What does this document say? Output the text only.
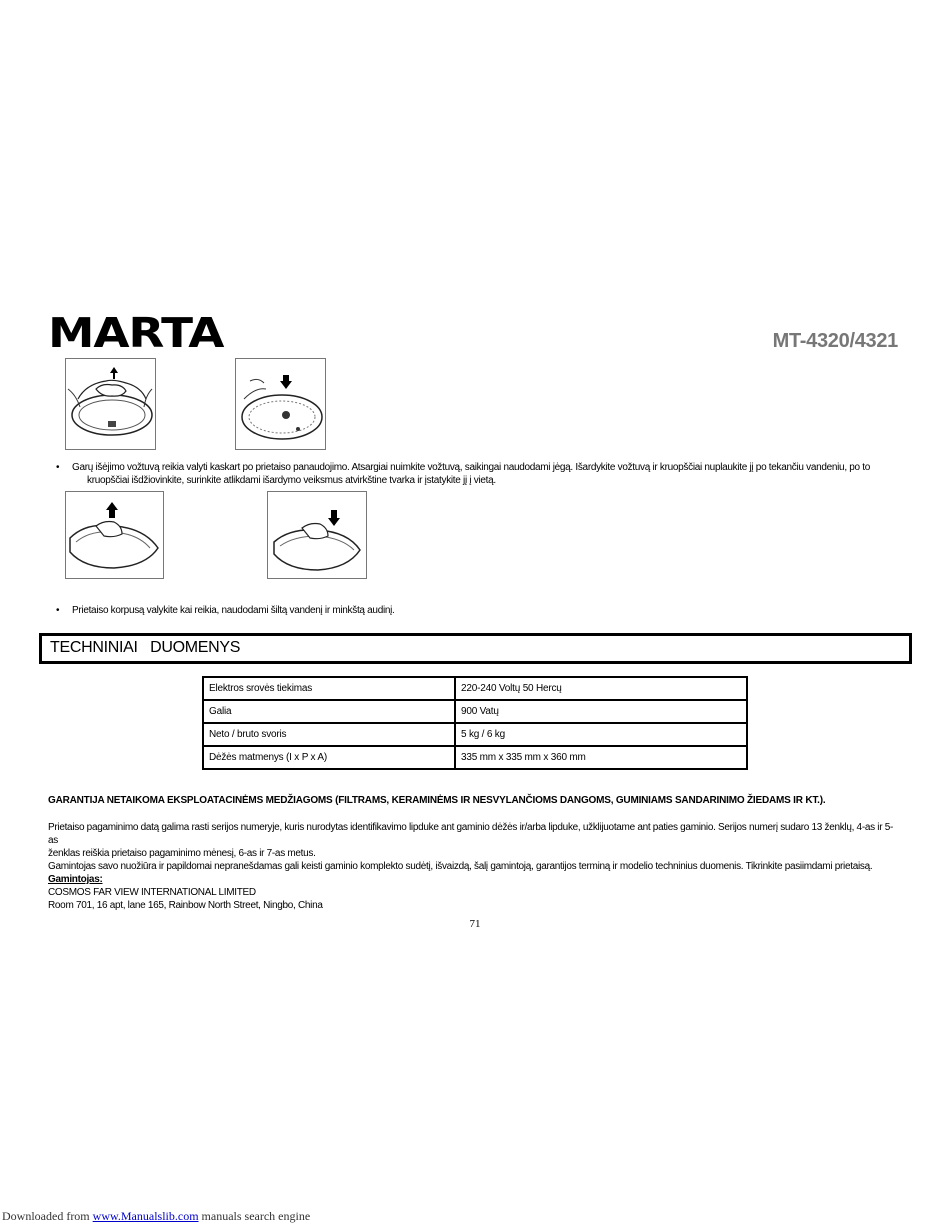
MARTA	MT-4320/4321
• Garų išėjimo vožtuvą reikia valyti kaskart po prietaiso panaudojimo. Atsargiai nuimkite vožtuvą, saikingai naudodami jėgą. Išardykite vožtuvą ir kruopščiai nuplaukite jį po tekančiu vandeniu, po to
kruopščiai išdžiovinkite, surinkite atlikdami išardymo veiksmus atvirkštine tvarka ir įstatykite jį į vietą.
• Prietaiso korpusą valykite kai reikia, naudodami šiltą vandenį ir minkštą audinį.
TECHNINIAI   DUOMENYS
Elektros srovės tiekimas	220-240 Voltų 50 Hercų
Galia	900 Vatų
Neto / bruto svoris	5 kg / 6 kg
Dėžės matmenys (I x P x A)	335 mm x 335 mm x 360 mm
GARANTIJA NETAIKOMA EKSPLOATACINĖMS MEDŽIAGOMS (FILTRAMS, KERAMINĖMS IR NESVYLANČIOMS DANGOMS, GUMINIAMS SANDARINIMO ŽIEDAMS IR KT.).
Prietaiso pagaminimo datą galima rasti serijos numeryje, kuris nurodytas identifikavimo lipduke ant gaminio dėžės ir/arba lipduke, užklijuotame ant paties gaminio. Serijos numerį sudaro 13 ženklų, 4-as ir 5-as
ženklas reiškia prietaiso pagaminimo mėnesį, 6-as ir 7-as metus.
Gamintojas savo nuožiūra ir papildomai nepranešdamas gali keisti gaminio komplekto sudėtį, išvaizdą, šalį gamintoją, garantijos terminą ir modelio techninius duomenis. Tikrinkite pasiimdami prietaisą.
Gamintojas:
COSMOS FAR VIEW INTERNATIONAL LIMITED
Room 701, 16 apt, lane 165, Rainbow North Street, Ningbo, China
71
Downloaded from www.Manualslib.com manuals search engine
